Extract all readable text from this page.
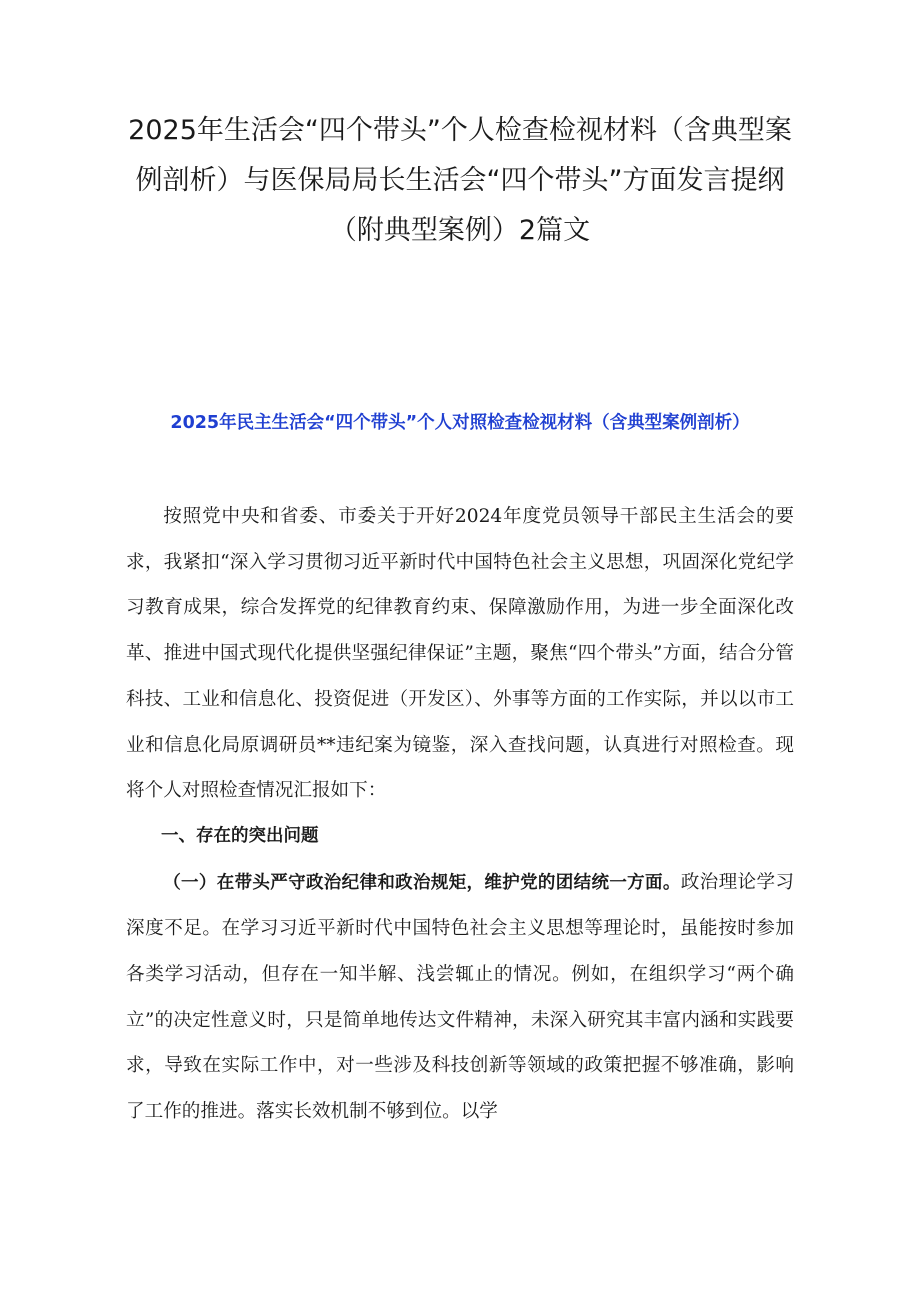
2025年生活会“四个带头”个人检查检视材料（含典型案例剖析）与医保局局长生活会“四个带头”方面发言提纲（附典型案例）2篇文
2025年民主生活会“四个带头”个人对照检查检视材料（含典型案例剖析）

按照党中央和省委、市委关于开好2024年度党员领导干部民主生活会的要求，我紧扣“深入学习贯彻习近平新时代中国特色社会主义思想，巩固深化党纪学习教育成果，综合发挥党的纪律教育约束、保障激励作用，为进一步全面深化改革、推进中国式现代化提供坚强纪律保证”主题，聚焦“四个带头”方面，结合分管科技、工业和信息化、投资促进（开发区）、外事等方面的工作实际，并以以市工业和信息化局原调研员**违纪案为镜鉴，深入查找问题，认真进行对照检查。现将个人对照检查情况汇报如下：

一、存在的突出问题

（一）在带头严守政治纪律和政治规矩，维护党的团结统一方面。政治理论学习深度不足。在学习习近平新时代中国特色社会主义思想等理论时，虽能按时参加各类学习活动，但存在一知半解、浅尝辄止的情况。例如，在组织学习“两个确立”的决定性意义时，只是简单地传达文件精神，未深入研究其丰富内涵和实践要求，导致在实际工作中，对一些涉及科技创新等领域的政策把握不够准确，影响了工作的推进。落实长效机制不够到位。以学
